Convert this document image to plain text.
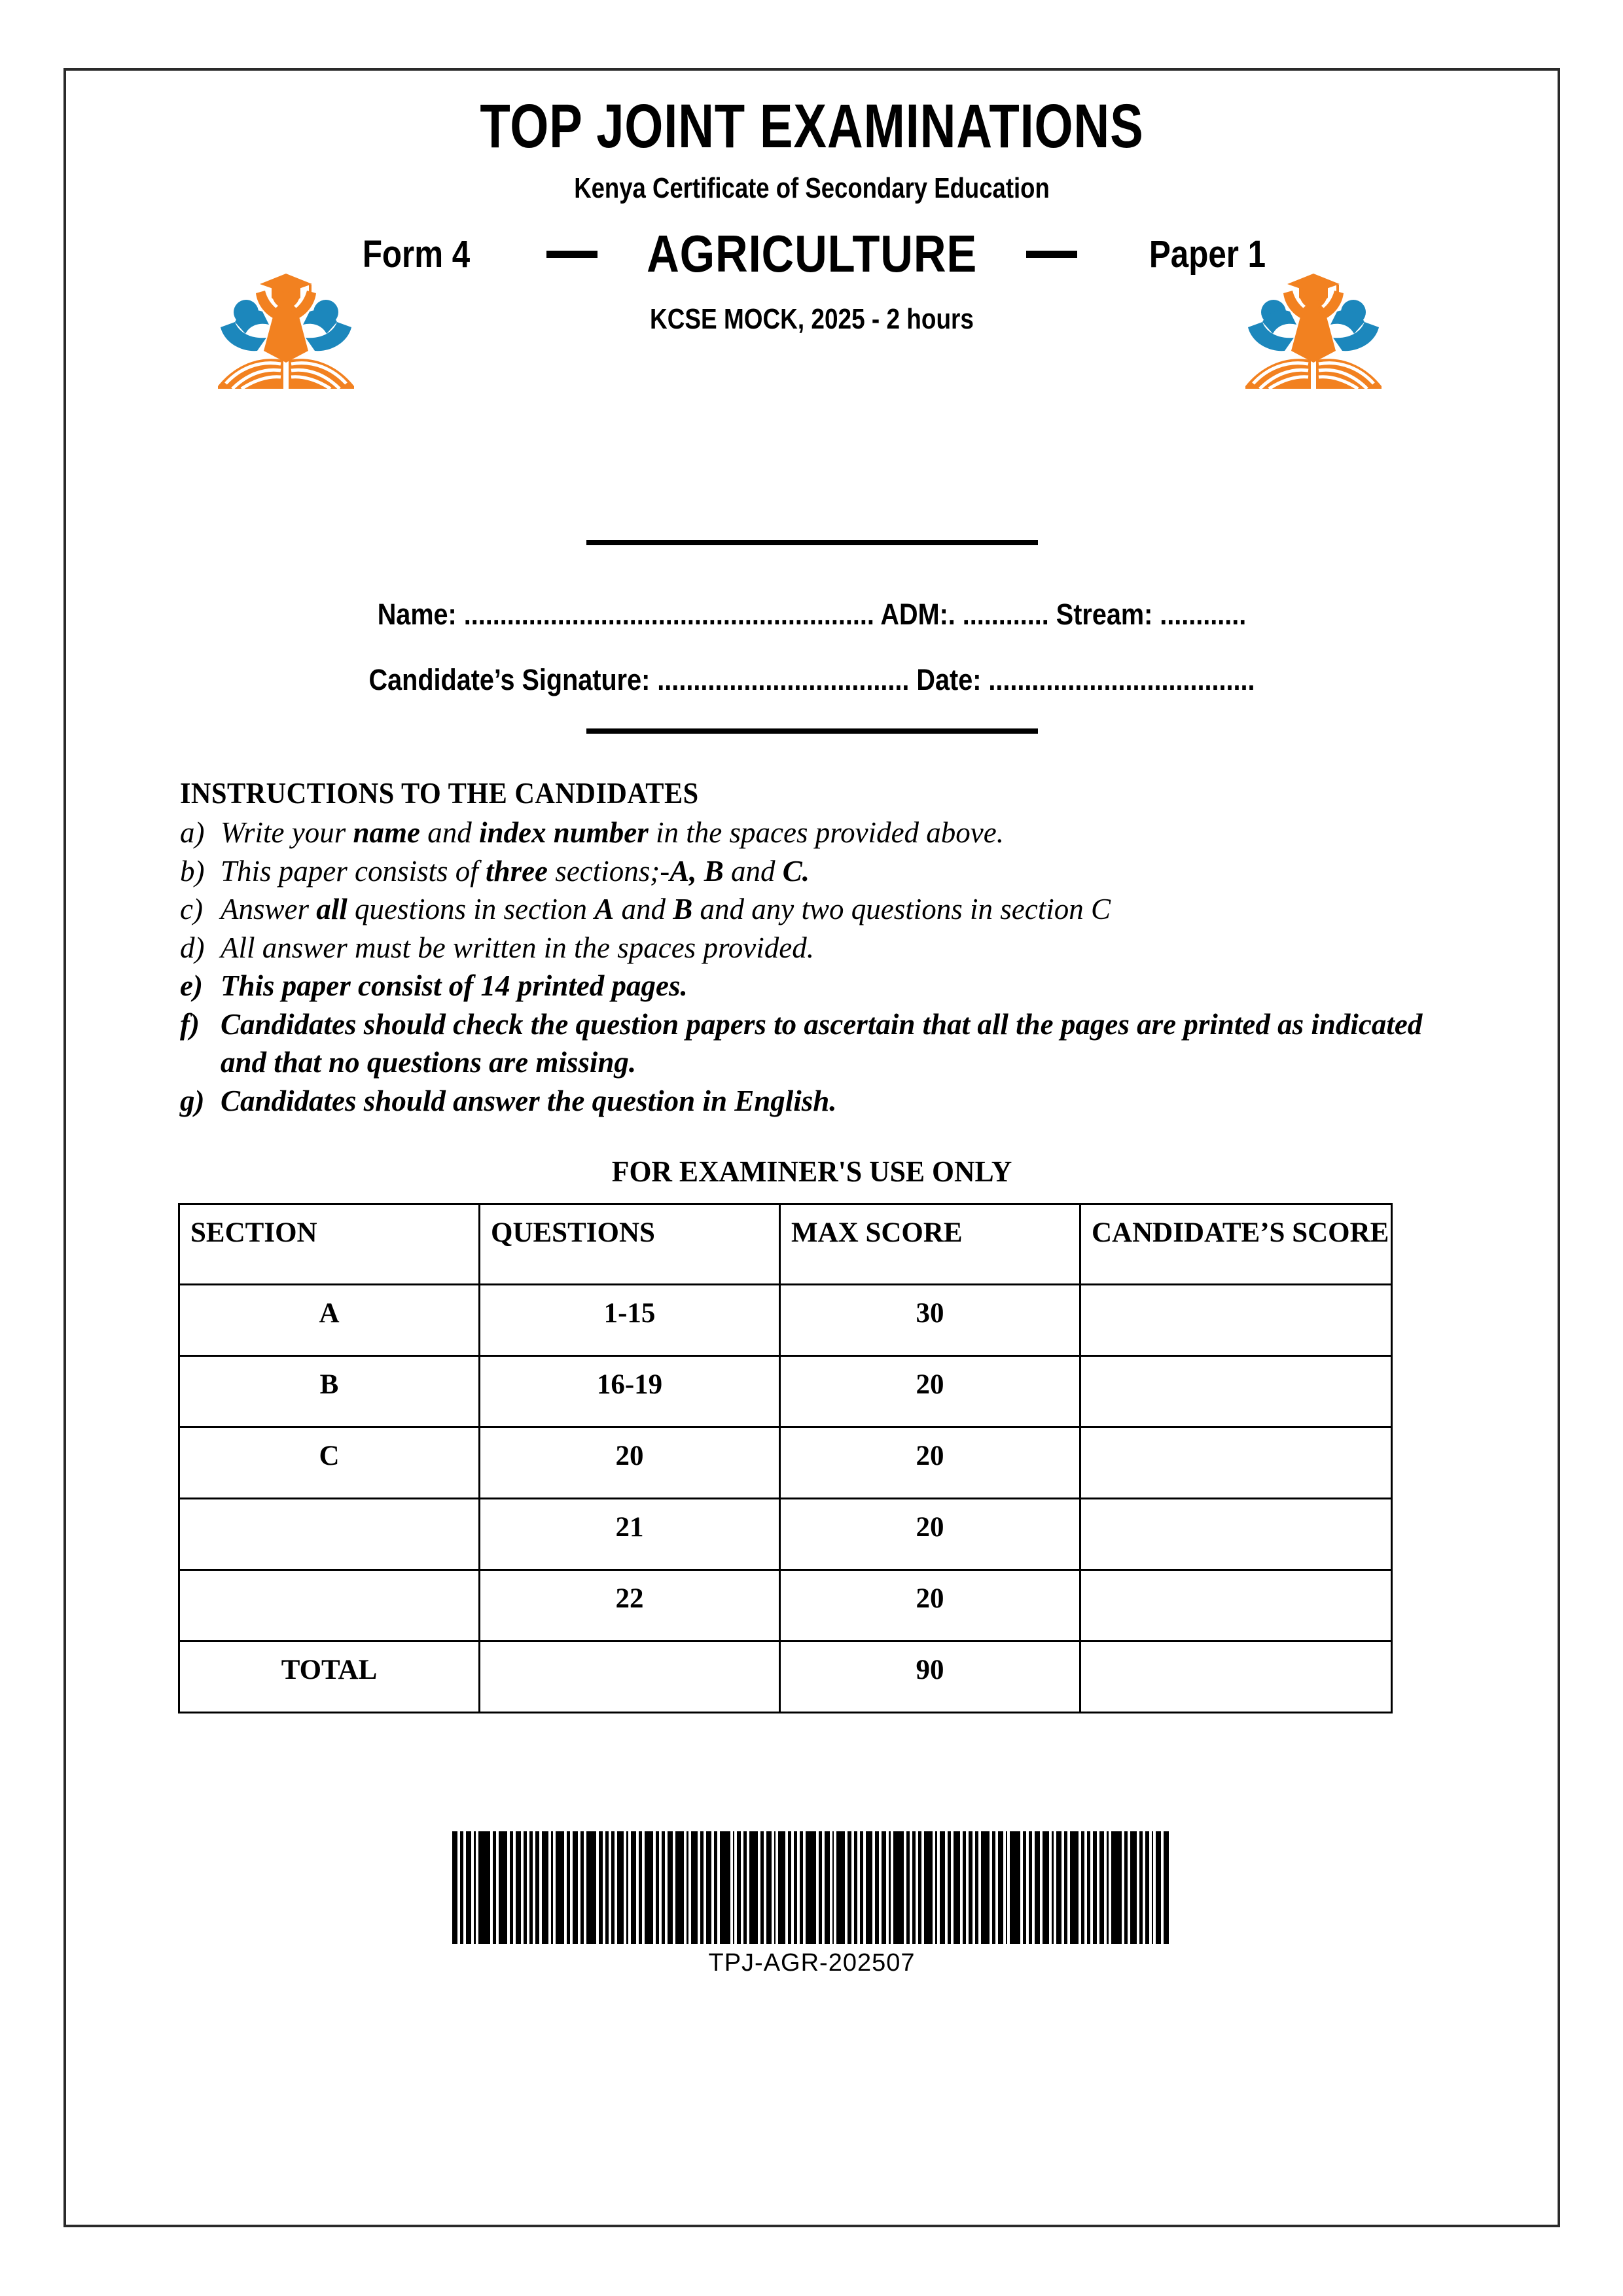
TOP JOINT EXAMINATIONS
Kenya Certificate of Secondary Education
Form 4	AGRICULTURE	Paper 1
KCSE MOCK, 2025 - 2 hours
Name: ......................................................... ADM:. ............ Stream: ............
Candidate’s Signature: ................................... Date: .....................................
INSTRUCTIONS TO THE CANDIDATES
a) Write your name and index number in the spaces provided above.
b) This paper consists of three sections;-A, B and C.
c) Answer all questions in section A and B and any two questions in section C
d) All answer must be written in the spaces provided.
e) This paper consist of 14 printed pages.
f) Candidates should check the question papers to ascertain that all the pages are printed as indicated and that no questions are missing.
g) Candidates should answer the question in English.
FOR EXAMINER'S USE ONLY
SECTION	QUESTIONS	MAX SCORE	CANDIDATE’S SCORE

A	1-15	30	
B	16-19	20	
C	20	20	
	21	20	
	22	20	
TOTAL		90	
TPJ-AGR-202507
